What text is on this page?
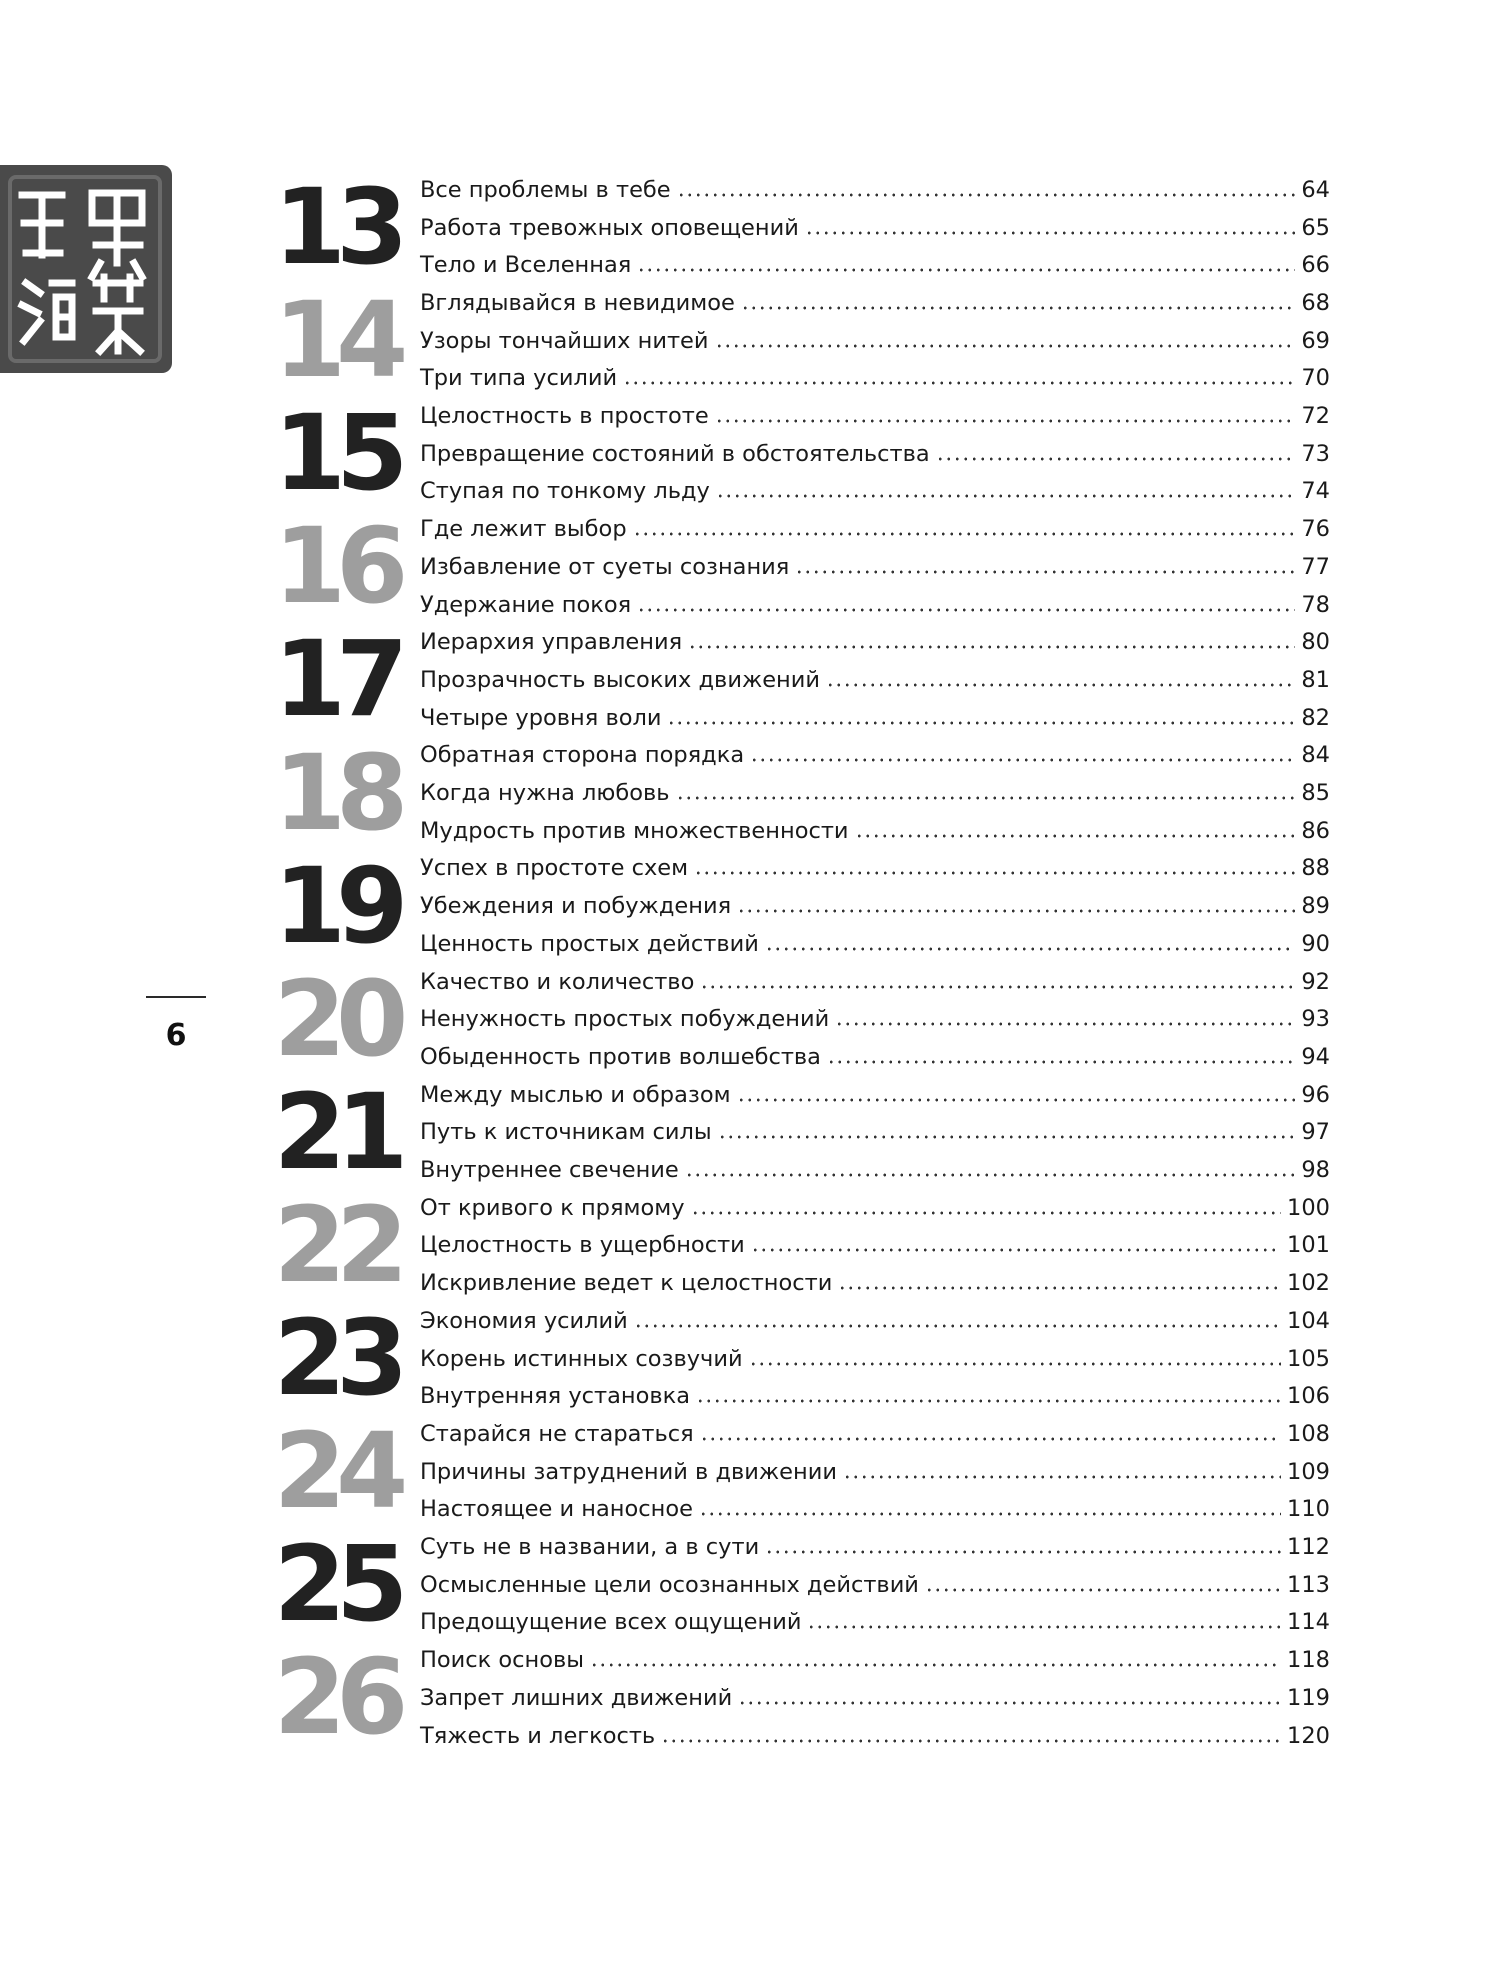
13 Все проблемы в тебе	64
Работа тревожных оповещений	65
Тело и Вселенная	66
14 Вглядывайся в невидимое	68
Узоры тончайших нитей	69
Три типа усилий	70
15 Целостность в простоте	72
Превращение состояний в обстоятельства	73
Ступая по тонкому льду	74
16 Где лежит выбор	76
Избавление от суеты сознания	77
Удержание покоя	78
17 Иерархия управления	80
Прозрачность высоких движений	81
Четыре уровня воли	82
18 Обратная сторона порядка	84
Когда нужна любовь	85
Мудрость против множественности	86
19 Успех в простоте схем	88
Убеждения и побуждения	89
Ценность простых действий	90
20 Качество и количество	92
Ненужность простых побуждений	93
Обыденность против волшебства	94
21 Между мыслью и образом	96
Путь к источникам силы	97
Внутреннее свечение	98
22 От кривого к прямому	100
Целостность в ущербности	101
Искривление ведет к целостности	102
23 Экономия усилий	104
Корень истинных созвучий	105
Внутренняя установка	106
24 Старайся не стараться	108
Причины затруднений в движении	109
Настоящее и наносное	110
25 Суть не в названии, а в сути	112
Осмысленные цели осознанных действий	113
Предощущение всех ощущений	114
26 Поиск основы	118
Запрет лишних движений	119
Тяжесть и легкость	120
6
